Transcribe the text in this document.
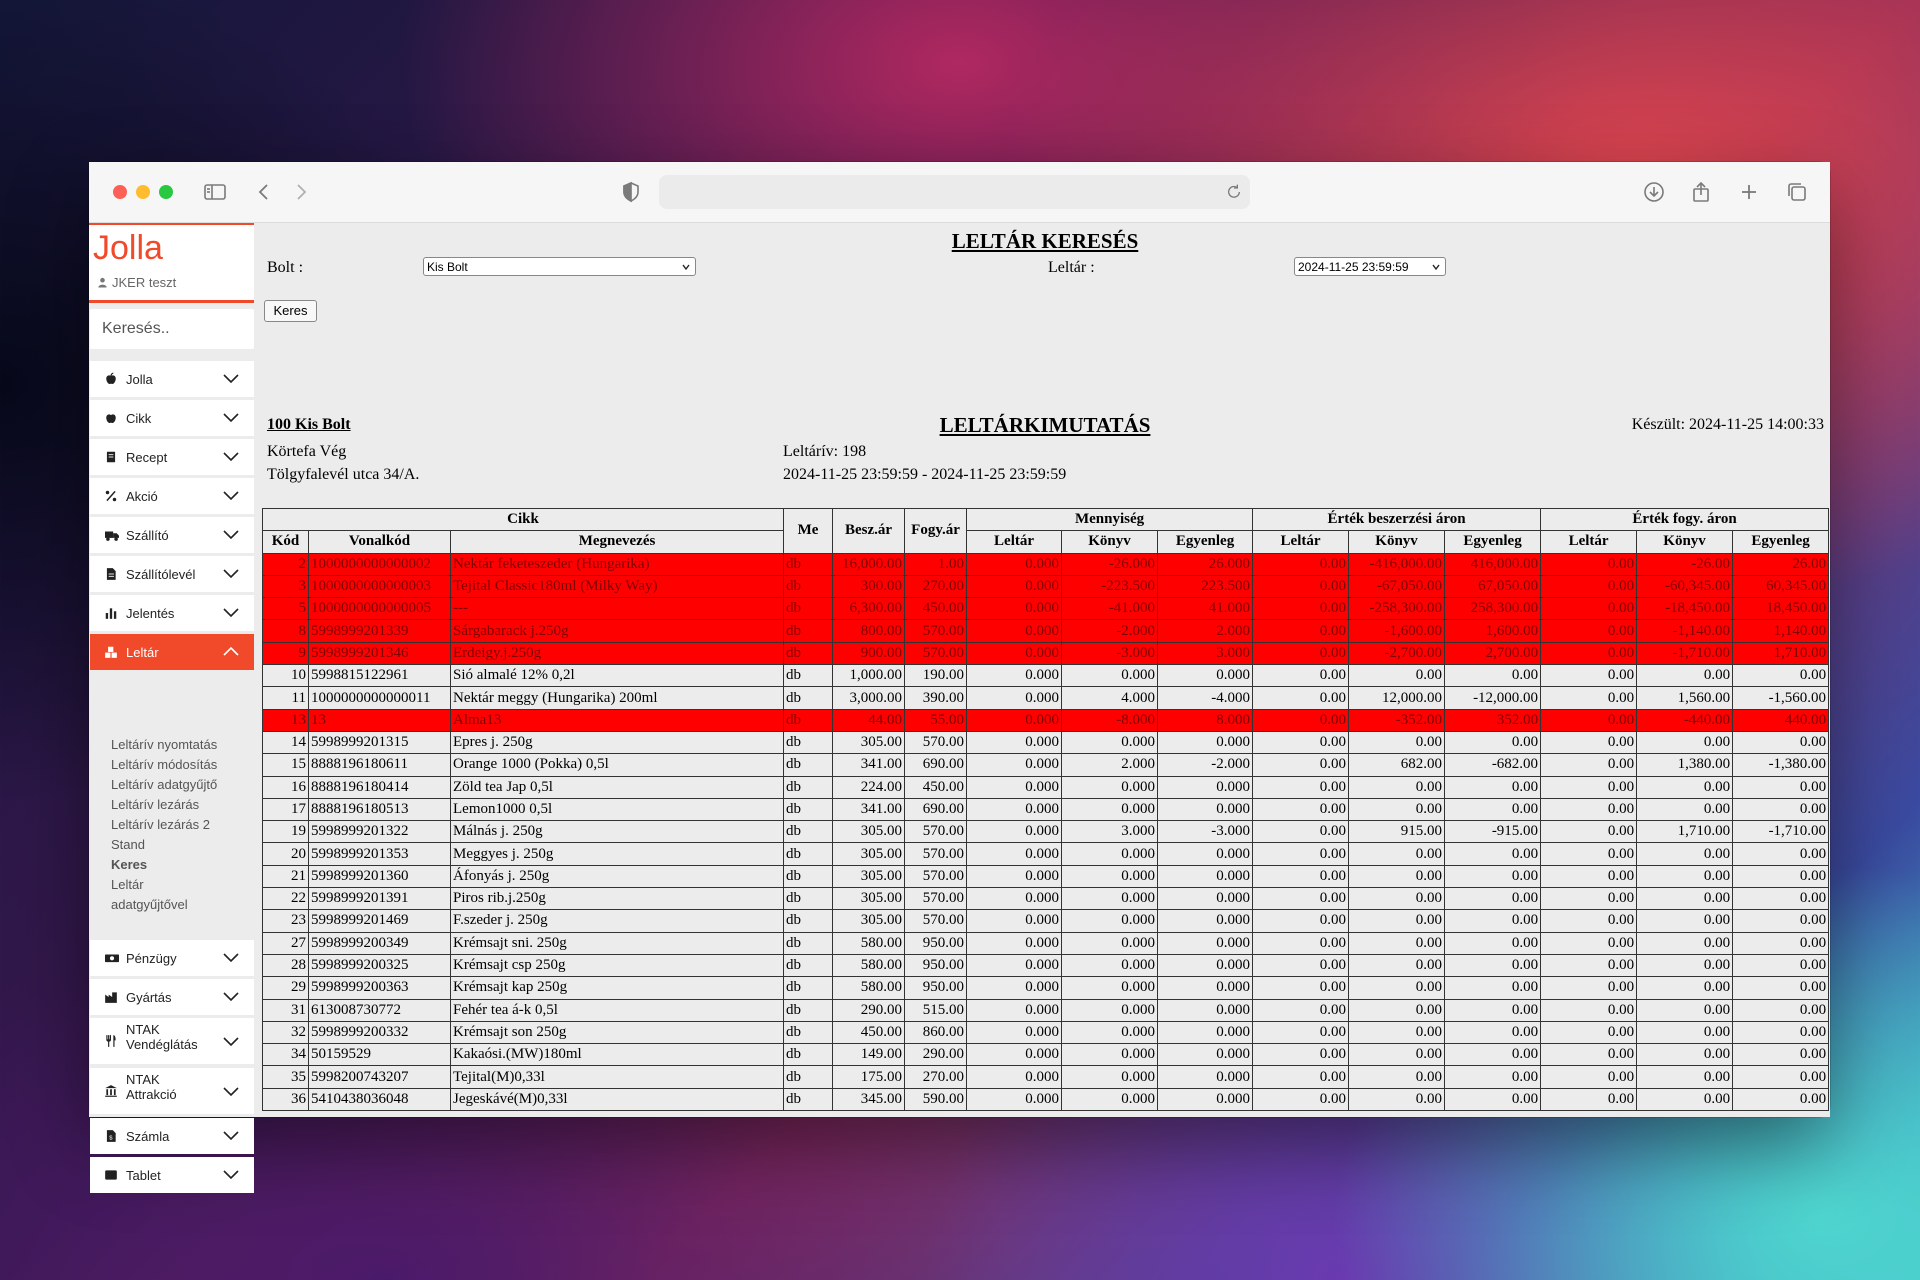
Jolla
JKER teszt
Keresés..
Jolla
Cikk
Recept
Akció
Szállító
Szállítólevél
Jelentés
Leltár
Leltárív nyomtatás
Leltárív módosítás
Leltárív adatgyűjtő
Leltárív lezárás
Leltárív lezárás 2
Stand
Keres
Leltár
adatgyűjtővel
Pénzügy
Gyártás
NTAK
Vendéglátás
NTAK
Attrakció
$ Számla
Tablet
LELTÁR KERESÉS
Bolt :	Kis Bolt	Leltár :	2024-11-25 23:59:59
Keres
100 Kis Bolt	LELTÁRKIMUTATÁS	Készült: 2024-11-25 14:00:33
Körtefa Vég
Tölgyfalevél utca 34/A.
Leltárív: 198
2024-11-25 23:59:59 - 2024-11-25 23:59:59
Cikk			Me	Besz.ár	Fogy.ár	Mennyiség			Érték beszerzési áron			Érték fogy. áron		
Kód	Vonalkód	Megnevezés				Leltár	Könyv	Egyenleg	Leltár	Könyv	Egyenleg	Leltár	Könyv	Egyenleg
2	1000000000000002	Nektár feketeszeder (Hungarika)	db	16,000.00	1.00	0.000	-26.000	26.000	0.00	-416,000.00	416,000.00	0.00	-26.00	26.00
3	1000000000000003	Tejital Classic180ml (Milky Way)	db	300.00	270.00	0.000	-223.500	223.500	0.00	-67,050.00	67,050.00	0.00	-60,345.00	60,345.00
5	1000000000000005	---	db	6,300.00	450.00	0.000	-41.000	41.000	0.00	-258,300.00	258,300.00	0.00	-18,450.00	18,450.00
8	5998999201339	Sárgabarack j.250g	db	800.00	570.00	0.000	-2.000	2.000	0.00	-1,600.00	1,600.00	0.00	-1,140.00	1,140.00
9	5998999201346	Erdeigy.j.250g	db	900.00	570.00	0.000	-3.000	3.000	0.00	-2,700.00	2,700.00	0.00	-1,710.00	1,710.00
10	5998815122961	Sió almalé 12% 0,2l	db	1,000.00	190.00	0.000	0.000	0.000	0.00	0.00	0.00	0.00	0.00	0.00
11	1000000000000011	Nektár meggy (Hungarika) 200ml	db	3,000.00	390.00	0.000	4.000	-4.000	0.00	12,000.00	-12,000.00	0.00	1,560.00	-1,560.00
13	13	Alma13	db	44.00	55.00	0.000	-8.000	8.000	0.00	-352.00	352.00	0.00	-440.00	440.00
14	5998999201315	Epres j. 250g	db	305.00	570.00	0.000	0.000	0.000	0.00	0.00	0.00	0.00	0.00	0.00
15	8888196180611	Orange 1000 (Pokka) 0,5l	db	341.00	690.00	0.000	2.000	-2.000	0.00	682.00	-682.00	0.00	1,380.00	-1,380.00
16	8888196180414	Zöld tea Jap 0,5l	db	224.00	450.00	0.000	0.000	0.000	0.00	0.00	0.00	0.00	0.00	0.00
17	8888196180513	Lemon1000 0,5l	db	341.00	690.00	0.000	0.000	0.000	0.00	0.00	0.00	0.00	0.00	0.00
19	5998999201322	Málnás j. 250g	db	305.00	570.00	0.000	3.000	-3.000	0.00	915.00	-915.00	0.00	1,710.00	-1,710.00
20	5998999201353	Meggyes j. 250g	db	305.00	570.00	0.000	0.000	0.000	0.00	0.00	0.00	0.00	0.00	0.00
21	5998999201360	Áfonyás j. 250g	db	305.00	570.00	0.000	0.000	0.000	0.00	0.00	0.00	0.00	0.00	0.00
22	5998999201391	Piros rib.j.250g	db	305.00	570.00	0.000	0.000	0.000	0.00	0.00	0.00	0.00	0.00	0.00
23	5998999201469	F.szeder j. 250g	db	305.00	570.00	0.000	0.000	0.000	0.00	0.00	0.00	0.00	0.00	0.00
27	5998999200349	Krémsajt sni. 250g	db	580.00	950.00	0.000	0.000	0.000	0.00	0.00	0.00	0.00	0.00	0.00
28	5998999200325	Krémsajt csp 250g	db	580.00	950.00	0.000	0.000	0.000	0.00	0.00	0.00	0.00	0.00	0.00
29	5998999200363	Krémsajt kap 250g	db	580.00	950.00	0.000	0.000	0.000	0.00	0.00	0.00	0.00	0.00	0.00
31	613008730772	Fehér tea á-k 0,5l	db	290.00	515.00	0.000	0.000	0.000	0.00	0.00	0.00	0.00	0.00	0.00
32	5998999200332	Krémsajt son 250g	db	450.00	860.00	0.000	0.000	0.000	0.00	0.00	0.00	0.00	0.00	0.00
34	50159529	Kakaósi.(MW)180ml	db	149.00	290.00	0.000	0.000	0.000	0.00	0.00	0.00	0.00	0.00	0.00
35	5998200743207	Tejital(M)0,33l	db	175.00	270.00	0.000	0.000	0.000	0.00	0.00	0.00	0.00	0.00	0.00
36	5410438036048	Jegeskávé(M)0,33l	db	345.00	590.00	0.000	0.000	0.000	0.00	0.00	0.00	0.00	0.00	0.00
